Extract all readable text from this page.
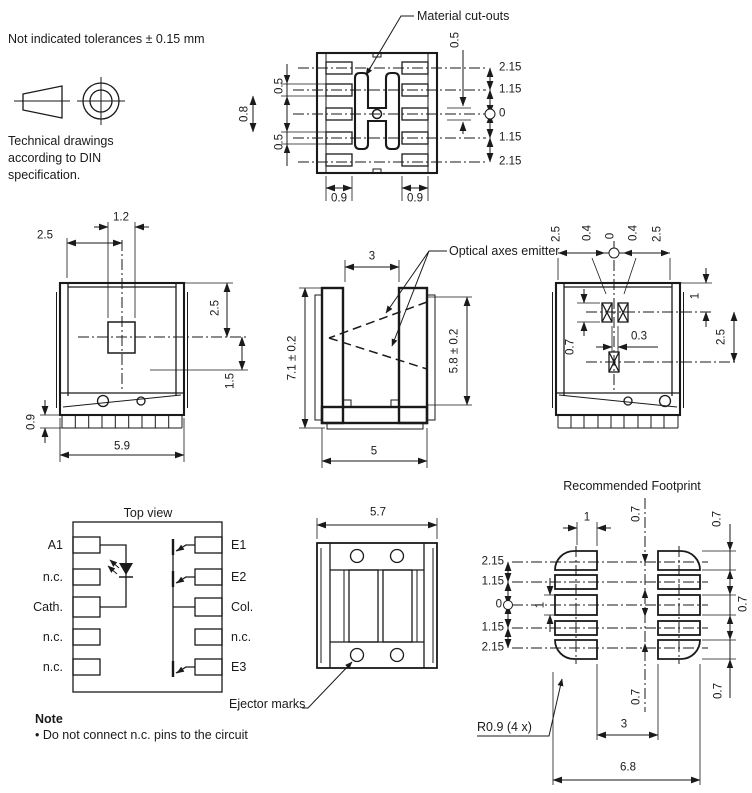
Not indicated tolerances ± 0.15 mm
Technical drawings
according to DIN
specification.
Material cut-outs
2.15
1.15
0
1.15
2.15
0.5
0.5
0.8
0.5
0.9	0.9
2.5
1.2
2.5
1.5
0.9
5.9
Optical axes emitter
3
7.1 ± 0.2	5.8 ± 0.2
5
2.5 0.4 0 0.4 2.5
0.7
0.3
1
2.5
Top view
A1
n.c.
Cath.
n.c.
n.c.
E1
E2
Col.
n.c.
E3
Ejector marks
Note
• Do not connect n.c. pins to the circuit
5.7
Recommended Footprint
2.15
1.15
0
1.15
2.15
1	0.7	0.7
1	0.7
0.7	0.7
3
6.8
R0.9 (4 x)
